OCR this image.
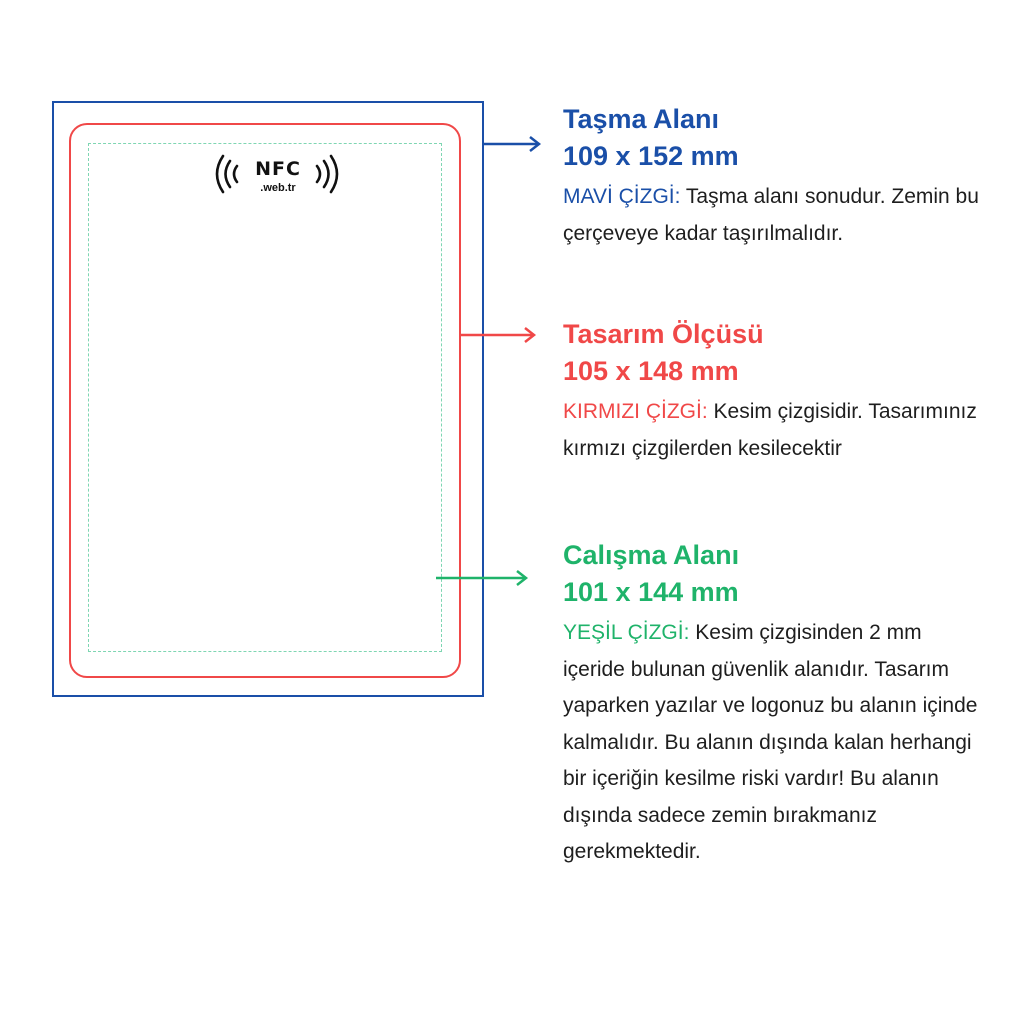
NFC
.web.tr

Taşma Alanı

109 x 152 mm

MAVİ ÇİZGİ: Taşma alanı sonudur. Zemin bu çerçeveye kadar taşırılmalıdır.

Tasarım Ölçüsü

105 x 148 mm

KIRMIZI ÇİZGİ: Kesim çizgisidir. Tasarımınız kırmızı çizgilerden kesilecektir

Calışma Alanı

101 x 144 mm

YEŞİL ÇİZGİ: Kesim çizgisinden 2 mm içeride bulunan güvenlik alanıdır. Tasarım yaparken yazılar ve logonuz bu alanın içinde kalmalıdır. Bu alanın dışında kalan herhangi bir içeriğin kesilme riski vardır! Bu alanın dışında sadece zemin bırakmanız gerekmektedir.
